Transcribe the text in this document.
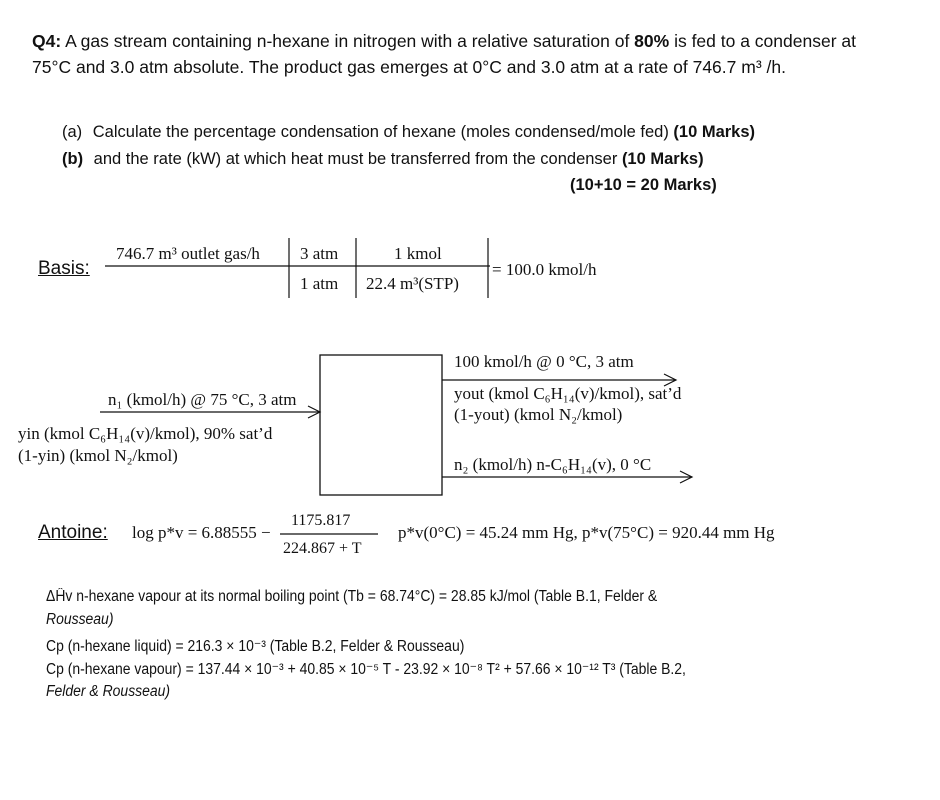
Q4: A gas stream containing n-hexane in nitrogen with a relative saturation of 80% is fed to a condenser at 75°C and 3.0 atm absolute. The product gas emerges at 0°C and 3.0 atm at a rate of 746.7 m³ /h.
(a) Calculate the percentage condensation of hexane (moles condensed/mole fed) (10 Marks)
(b) and the rate (kW) at which heat must be transferred from the condenser (10 Marks)
(10+10 = 20 Marks)
Basis:
746.7 m³ outlet gas/h 3 atm
1 atm
1 kmol
22.4 m³(STP)
= 100.0 kmol/h
n₁ (kmol/h) @ 75 °C, 3 atm
yin (kmol C₆H₁₄(v)/kmol), 90% sat’d
(1-yin) (kmol N₂/kmol)
100 kmol/h @ 0 °C, 3 atm
yout (kmol C₆H₁₄(v)/kmol), sat’d
(1-yout) (kmol N₂/kmol)
n₂ (kmol/h) n-C₆H₁₄(v), 0 °C
Antoine: log p*v = 6.88555 −
1175.817
224.867 + T
p*v(0°C) = 45.24 mm Hg, p*v(75°C) = 920.44 mm Hg
ΔĤv n-hexane vapour at its normal boiling point (Tb = 68.74°C) = 28.85 kJ/mol (Table B.1, Felder &
Rousseau)
Cp (n-hexane liquid) = 216.3 × 10⁻³ (Table B.2, Felder & Rousseau)
Cp (n-hexane vapour) = 137.44 × 10⁻³ + 40.85 × 10⁻⁵ T - 23.92 × 10⁻⁸ T² + 57.66 × 10⁻¹² T³ (Table B.2,
Felder & Rousseau)
